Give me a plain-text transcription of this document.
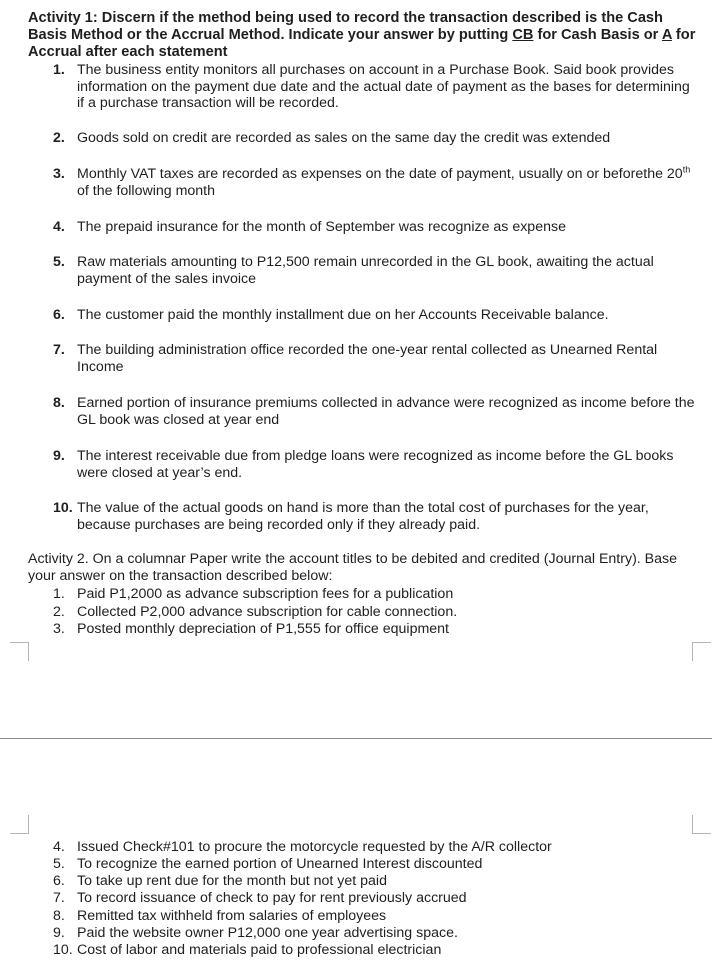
Activity 1: Discern if the method being used to record the transaction described is the Cash Basis Method or the Accrual Method. Indicate your answer by putting CB for Cash Basis or A for Accrual after each statement
1. The business entity monitors all purchases on account in a Purchase Book. Said book provides information on the payment due date and the actual date of payment as the bases for determining if a purchase transaction will be recorded.
2. Goods sold on credit are recorded as sales on the same day the credit was extended
3. Monthly VAT taxes are recorded as expenses on the date of payment, usually on or beforethe 20th of the following month
4. The prepaid insurance for the month of September was recognize as expense
5. Raw materials amounting to P12,500 remain unrecorded in the GL book, awaiting the actual payment of the sales invoice
6. The customer paid the monthly installment due on her Accounts Receivable balance.
7. The building administration office recorded the one-year rental collected as Unearned Rental Income
8. Earned portion of insurance premiums collected in advance were recognized as income before the GL book was closed at year end
9. The interest receivable due from pledge loans were recognized as income before the GL books were closed at year’s end.
10. The value of the actual goods on hand is more than the total cost of purchases for the year, because purchases are being recorded only if they already paid.
Activity 2. On a columnar Paper write the account titles to be debited and credited (Journal Entry). Base your answer on the transaction described below:
1. Paid P1,2000 as advance subscription fees for a publication
2. Collected P2,000 advance subscription for cable connection.
3. Posted monthly depreciation of P1,555 for office equipment
4. Issued Check#101 to procure the motorcycle requested by the A/R collector
5. To recognize the earned portion of Unearned Interest discounted
6. To take up rent due for the month but not yet paid
7. To record issuance of check to pay for rent previously accrued
8. Remitted tax withheld from salaries of employees
9. Paid the website owner P12,000 one year advertising space.
10. Cost of labor and materials paid to professional electrician
